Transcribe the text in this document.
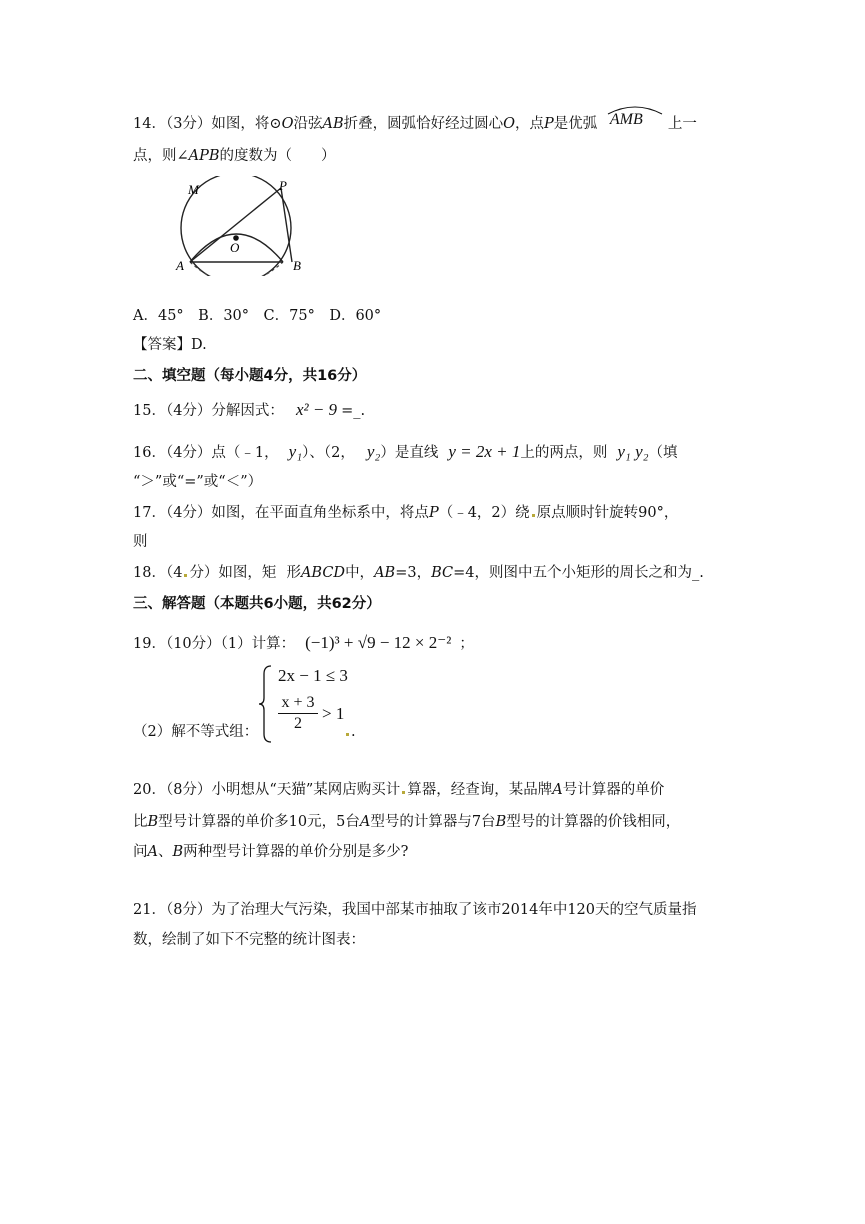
14．（3分）如图，将⊙O沿弦AB折叠，圆弧恰好经过圆心O，点P是优弧 AMB 上一
点，则∠APB的度数为（　　）
M	P
O
A	B
A．45°　B．30°　C．75°　D．60°
【答案】D.
二、填空题（每小题4分，共16分）
15．（4分）分解因式： x² − 9 =_.
16．（4分）点（﹣1， y₁）、（2， y₂）是直线 y = 2x + 1上的两点，则 y₁ y₂（填
“＞”或“=”或“＜”）
17．（4分）如图，在平面直角坐标系中，将点P（﹣4，2）绕 原点顺时针旋转90°，
则
18．（4 分）如图，矩 形ABCD中，AB=3，BC=4，则图中五个小矩形的周长之和为_.
三、解答题（本题共6小题，共62分）
19．（10分）（1）计算： (−1)³ + √9 − 12 × 2⁻² ；
2x − 1 ≤ 3
x + 3
2
> 1
（2）解不等式组：	.
20．（8分）小明想从“天猫”某网店购买计 算器，经查询，某品牌A号计算器的单价
比B型号计算器的单价多10元，5台A型号的计算器与7台B型号的计算器的价钱相同，
问A、B两种型号计算器的单价分别是多少?
21．（8分）为了治理大气污染，我国中部某市抽取了该市2014年中120天的空气质量指
数，绘制了如下不完整的统计图表：
